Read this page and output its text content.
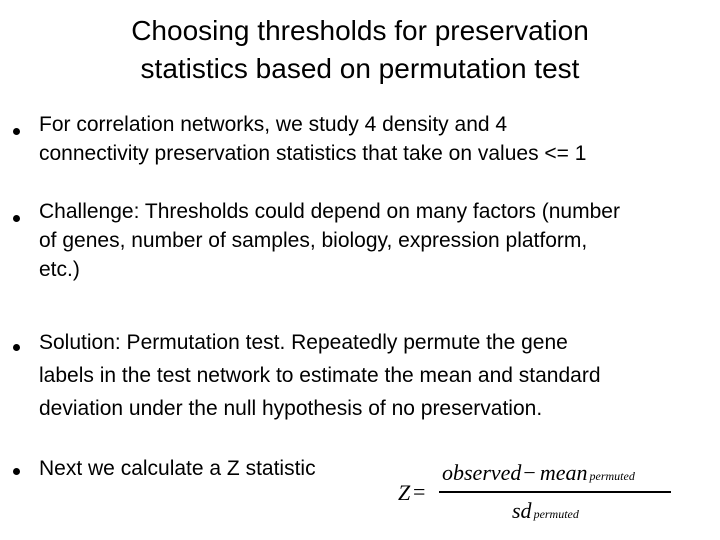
Choosing thresholds for preservation
statistics based on permutation test
For correlation networks, we study 4 density and 4
connectivity preservation statistics that take on values <= 1
Challenge: Thresholds could depend on many factors (number
of genes, number of samples, biology, expression platform,
etc.)
Solution: Permutation test. Repeatedly permute the gene
labels in the test network to estimate the mean and standard
deviation under the null hypothesis of no preservation.
Next we calculate a Z statistic
Z =
observed− mean permuted
sd permuted
